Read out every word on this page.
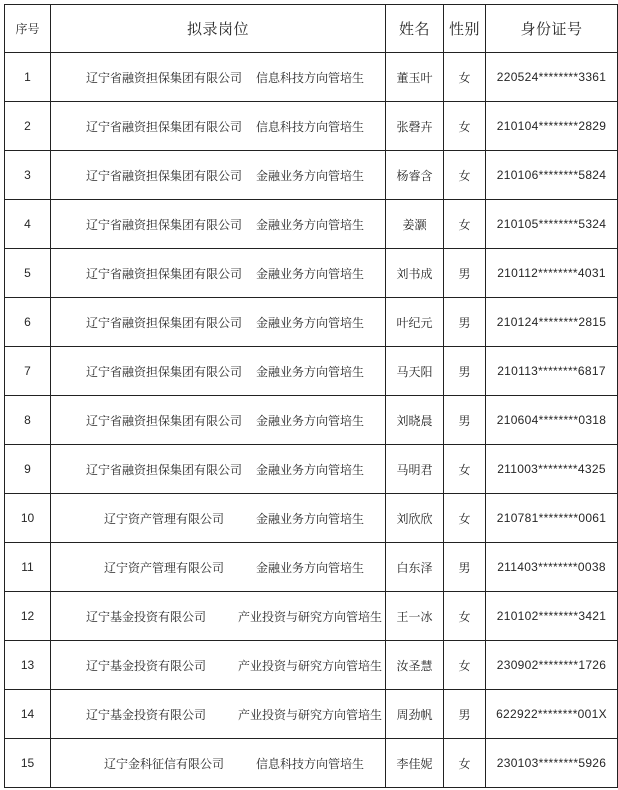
序号	拟录岗位	姓名	性别	身份证号
1	辽宁省融资担保集团有限公司 信息科技方向管培生	董玉叶	女	220524********3361
2	辽宁省融资担保集团有限公司 信息科技方向管培生	张磬卉	女	210104********2829
3	辽宁省融资担保集团有限公司 金融业务方向管培生	杨睿含	女	210106********5824
4	辽宁省融资担保集团有限公司 金融业务方向管培生	姜灏	女	210105********5324
5	辽宁省融资担保集团有限公司 金融业务方向管培生	刘书成	男	210112********4031
6	辽宁省融资担保集团有限公司 金融业务方向管培生	叶纪元	男	210124********2815
7	辽宁省融资担保集团有限公司 金融业务方向管培生	马天阳	男	210113********6817
8	辽宁省融资担保集团有限公司 金融业务方向管培生	刘晓晨	男	210604********0318
9	辽宁省融资担保集团有限公司 金融业务方向管培生	马明君	女	211003********4325
10	辽宁资产管理有限公司 金融业务方向管培生	刘欣欣	女	210781********0061
11	辽宁资产管理有限公司 金融业务方向管培生	白东泽	男	211403********0038
12	辽宁基金投资有限公司 产业投资与研究方向管培生	王一冰	女	210102********3421
13	辽宁基金投资有限公司 产业投资与研究方向管培生	汝圣慧	女	230902********1726
14	辽宁基金投资有限公司 产业投资与研究方向管培生	周劲帆	男	622922********001X
15	辽宁金科征信有限公司 信息科技方向管培生	李佳妮	女	230103********5926
